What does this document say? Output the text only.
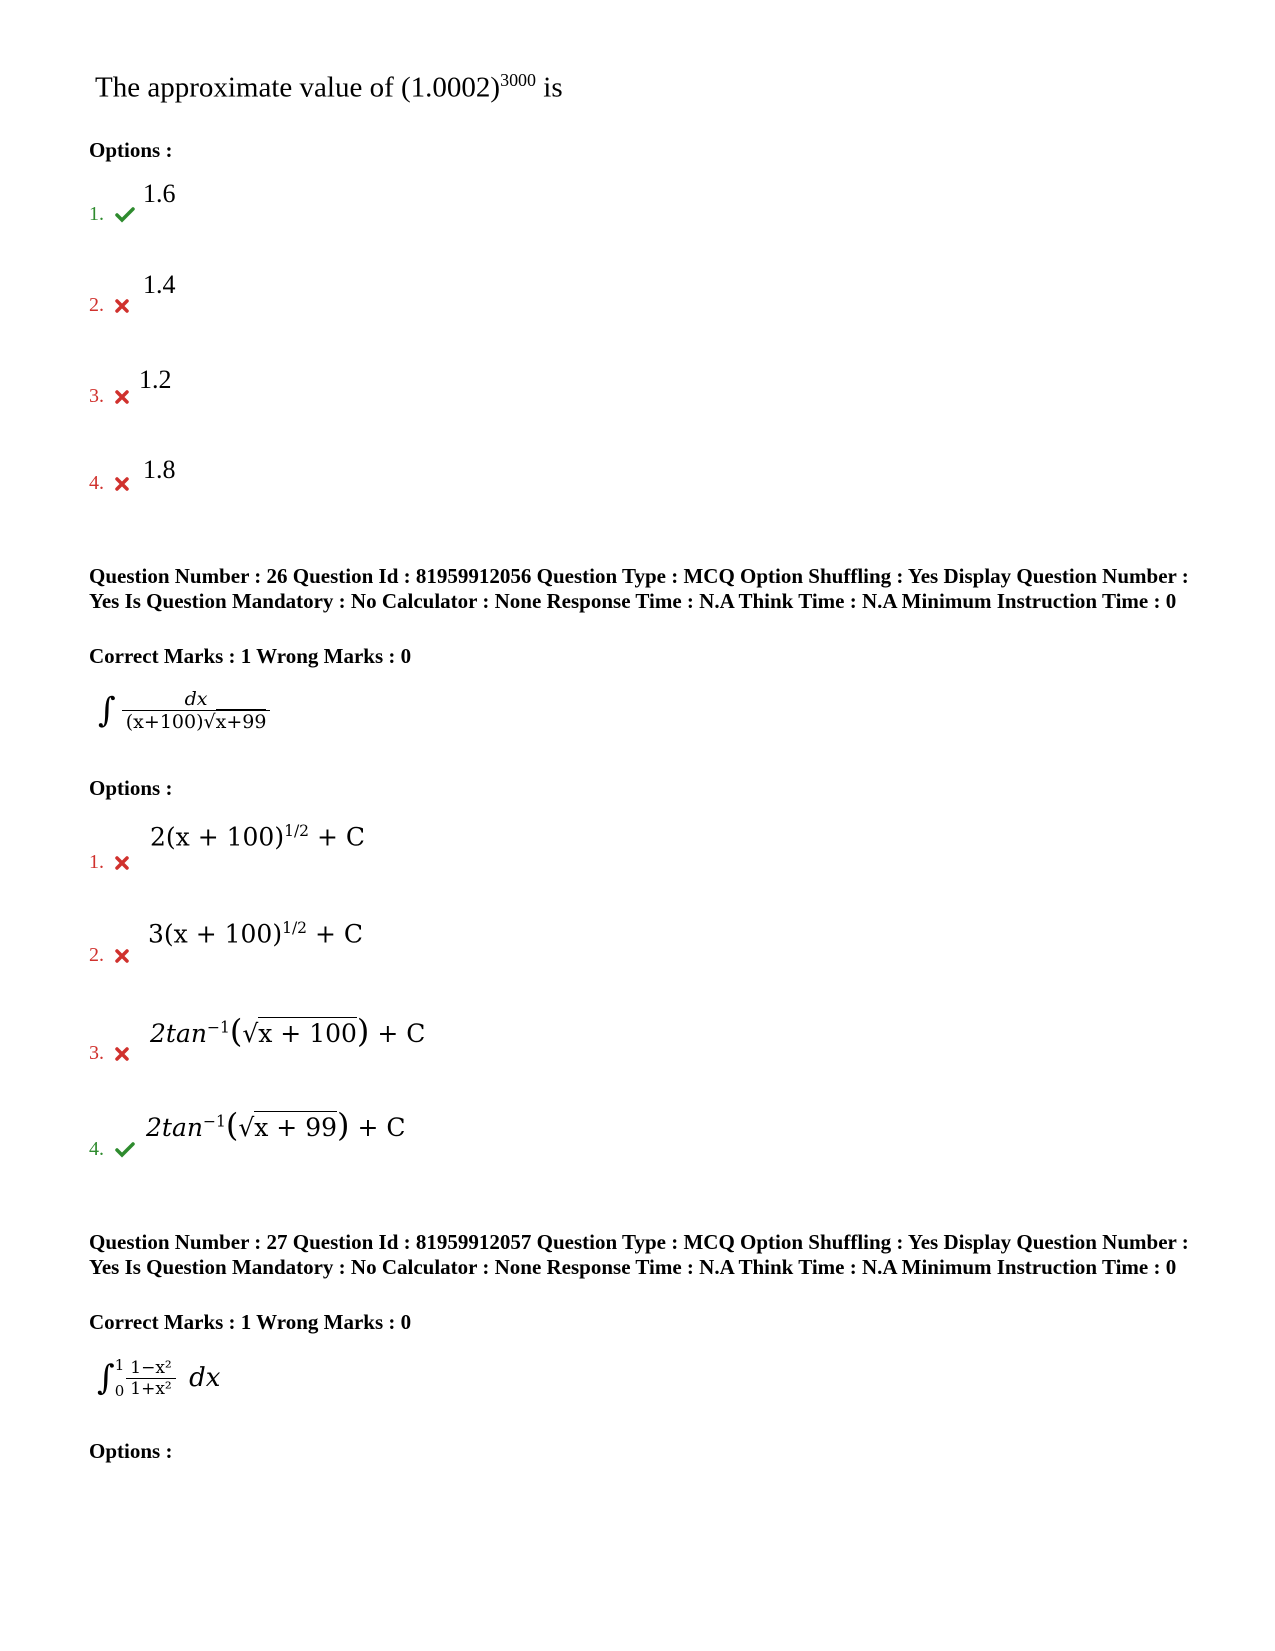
The approximate value of $(1.0002)^{3000}$ is
Options :
1.
1.6
2.
1.4
3.
1.2
4.	1.8
Question Number : 26 Question Id : 81959912056 Question Type : MCQ Option Shuffling : Yes Display Question Number : Yes Is Question Mandatory : No Calculator : None Response Time : N.A Think Time : N.A Minimum Instruction Time : 0
Correct Marks : 1 Wrong Marks : 0
∫ $\frac{dx}{(x+100)√x+99}$
Options :
1.
$2(x + 100)^{1/2} + C$
2.
$3(x + 100)^{1/2} + C$
3.
$2\tan^{-1}(√x + 100) + C$
4.
$2\tan^{-1}(√x + 99) + C$
Question Number : 27 Question Id : 81959912057 Question Type : MCQ Option Shuffling : Yes Display Question Number : Yes Is Question Mandatory : No Calculator : None Response Time : N.A Think Time : N.A Minimum Instruction Time : 0
Correct Marks : 1 Wrong Marks : 0
∫ 1
$0 \frac{\text{1−x²}}{\text{1+x²}}$ dx
Options :
